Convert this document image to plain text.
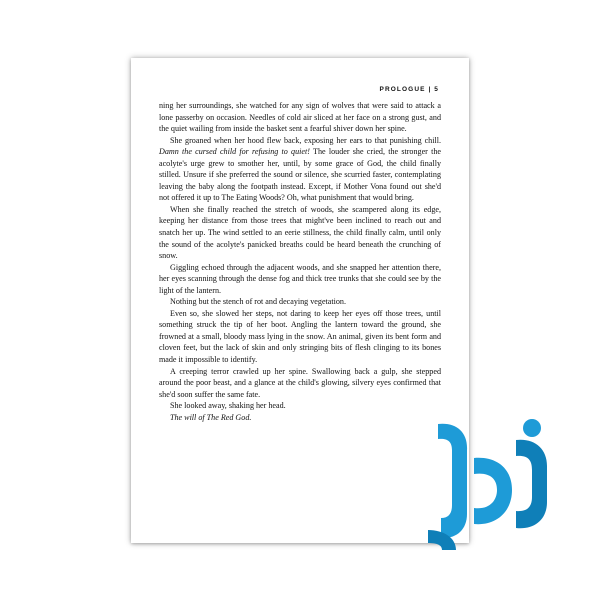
PROLOGUE | 5

ning her surroundings, she watched for any sign of wolves that were said to attack a lone passerby on occasion. Needles of cold air sliced at her face on a strong gust, and the quiet wailing from inside the basket sent a fearful shiver down her spine.

She groaned when her hood flew back, exposing her ears to that punishing chill. Damn the cursed child for refusing to quiet! The louder she cried, the stronger the acolyte's urge grew to smother her, until, by some grace of God, the child finally stilled. Unsure if she preferred the sound or silence, she scurried faster, contemplating leaving the baby along the footpath instead. Except, if Mother Vona found out she'd not offered it up to The Eating Woods? Oh, what punishment that would bring.

When she finally reached the stretch of woods, she scampered along its edge, keeping her distance from those trees that might've been inclined to reach out and snatch her up. The wind settled to an eerie stillness, the child finally calm, until only the sound of the acolyte's panicked breaths could be heard beneath the crunching of snow.

Giggling echoed through the adjacent woods, and she snapped her attention there, her eyes scanning through the dense fog and thick tree trunks that she could see by the light of the lantern.

Nothing but the stench of rot and decaying vegetation.

Even so, she slowed her steps, not daring to keep her eyes off those trees, until something struck the tip of her boot. Angling the lantern toward the ground, she frowned at a small, bloody mass lying in the snow. An animal, given its bent form and cloven feet, but the lack of skin and only stringing bits of flesh clinging to its bones made it impossible to identify.

A creeping terror crawled up her spine. Swallowing back a gulp, she stepped around the poor beast, and a glance at the child's glowing, silvery eyes confirmed that she'd soon suffer the same fate.

She looked away, shaking her head.

The will of The Red God.
